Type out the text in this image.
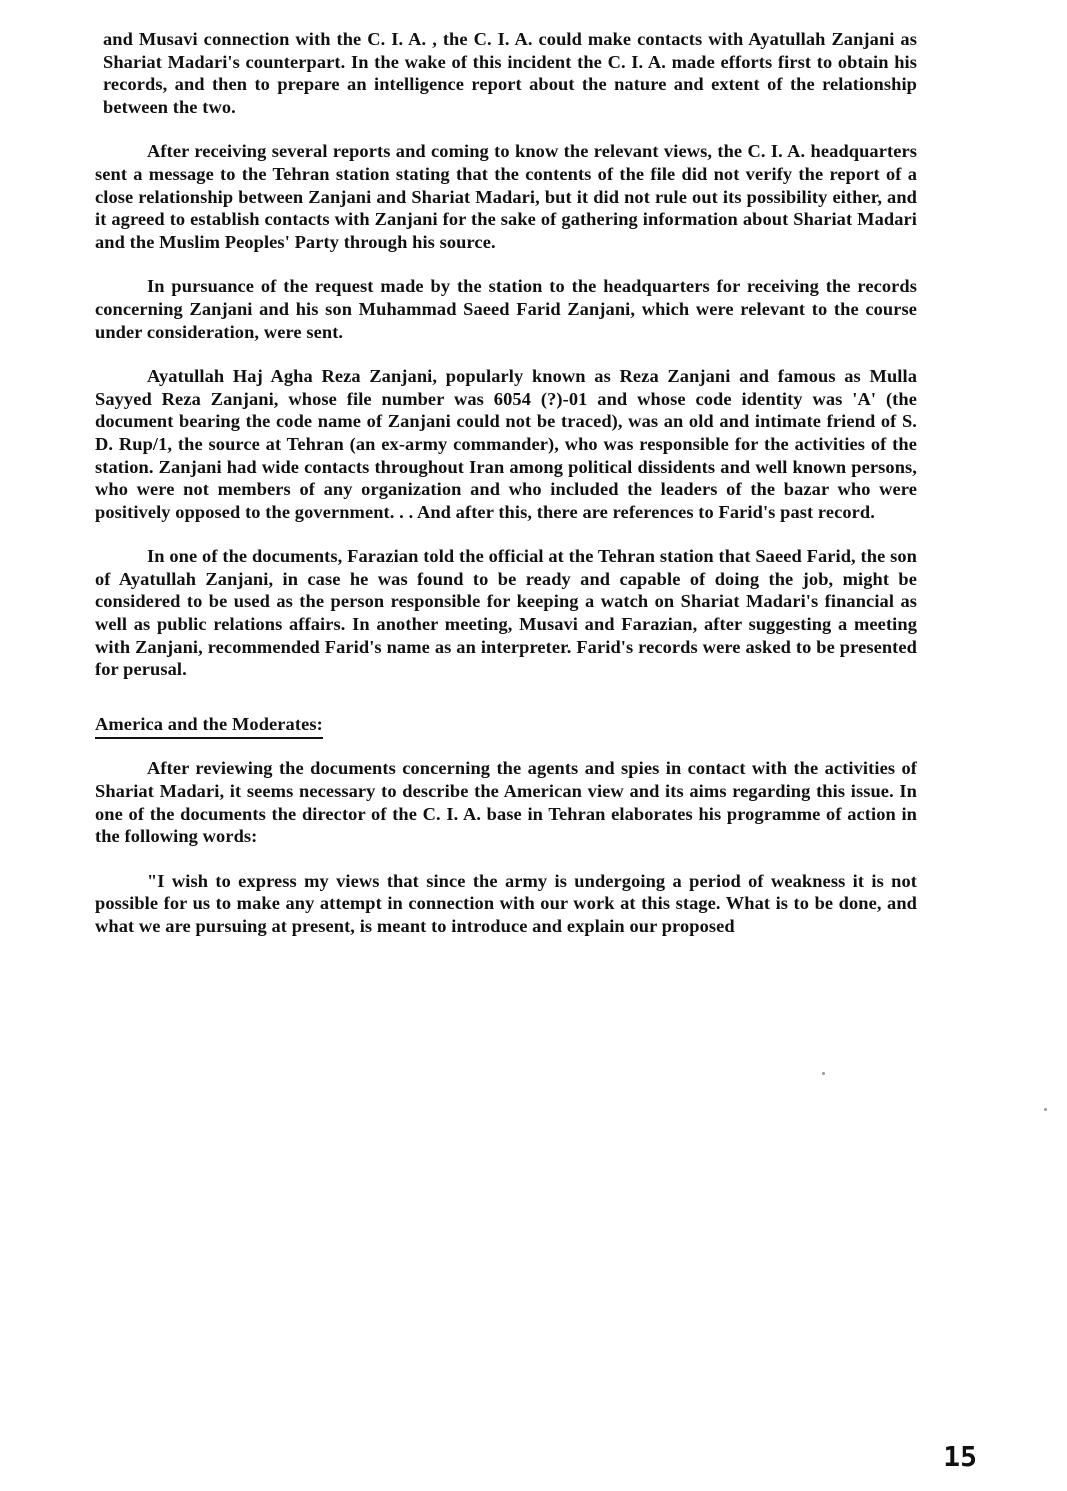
and Musavi connection with the C. I. A. , the C. I. A. could make contacts with Ayatullah Zanjani as Shariat Madari's counterpart. In the wake of this incident the C. I. A. made efforts first to obtain his records, and then to prepare an intelligence report about the nature and extent of the relationship between the two.

After receiving several reports and coming to know the relevant views, the C. I. A. headquarters sent a message to the Tehran station stating that the contents of the file did not verify the report of a close relationship between Zanjani and Shariat Madari, but it did not rule out its possibility either, and it agreed to establish contacts with Zanjani for the sake of gathering information about Shariat Madari and the Muslim Peoples' Party through his source.

In pursuance of the request made by the station to the headquarters for receiving the records concerning Zanjani and his son Muhammad Saeed Farid Zanjani, which were relevant to the course under consideration, were sent.

Ayatullah Haj Agha Reza Zanjani, popularly known as Reza Zanjani and famous as Mulla Sayyed Reza Zanjani, whose file number was 6054 (?)-01 and whose code identity was 'A' (the document bearing the code name of Zanjani could not be traced), was an old and intimate friend of S. D. Rup/1, the source at Tehran (an ex-army commander), who was responsible for the activities of the station. Zanjani had wide contacts throughout Iran among political dissidents and well known persons, who were not members of any organization and who included the leaders of the bazar who were positively opposed to the government. . . And after this, there are references to Farid's past record.

In one of the documents, Farazian told the official at the Tehran station that Saeed Farid, the son of Ayatullah Zanjani, in case he was found to be ready and capable of doing the job, might be considered to be used as the person responsible for keeping a watch on Shariat Madari's financial as well as public relations affairs. In another meeting, Musavi and Farazian, after suggesting a meeting with Zanjani, recommended Farid's name as an interpreter. Farid's records were asked to be presented for perusal.

America and the Moderates:

After reviewing the documents concerning the agents and spies in contact with the activities of Shariat Madari, it seems necessary to describe the American view and its aims regarding this issue. In one of the documents the director of the C. I. A. base in Tehran elaborates his programme of action in the following words:

"I wish to express my views that since the army is undergoing a period of weakness it is not possible for us to make any attempt in connection with our work at this stage. What is to be done, and what we are pursuing at present, is meant to introduce and explain our proposed

15
